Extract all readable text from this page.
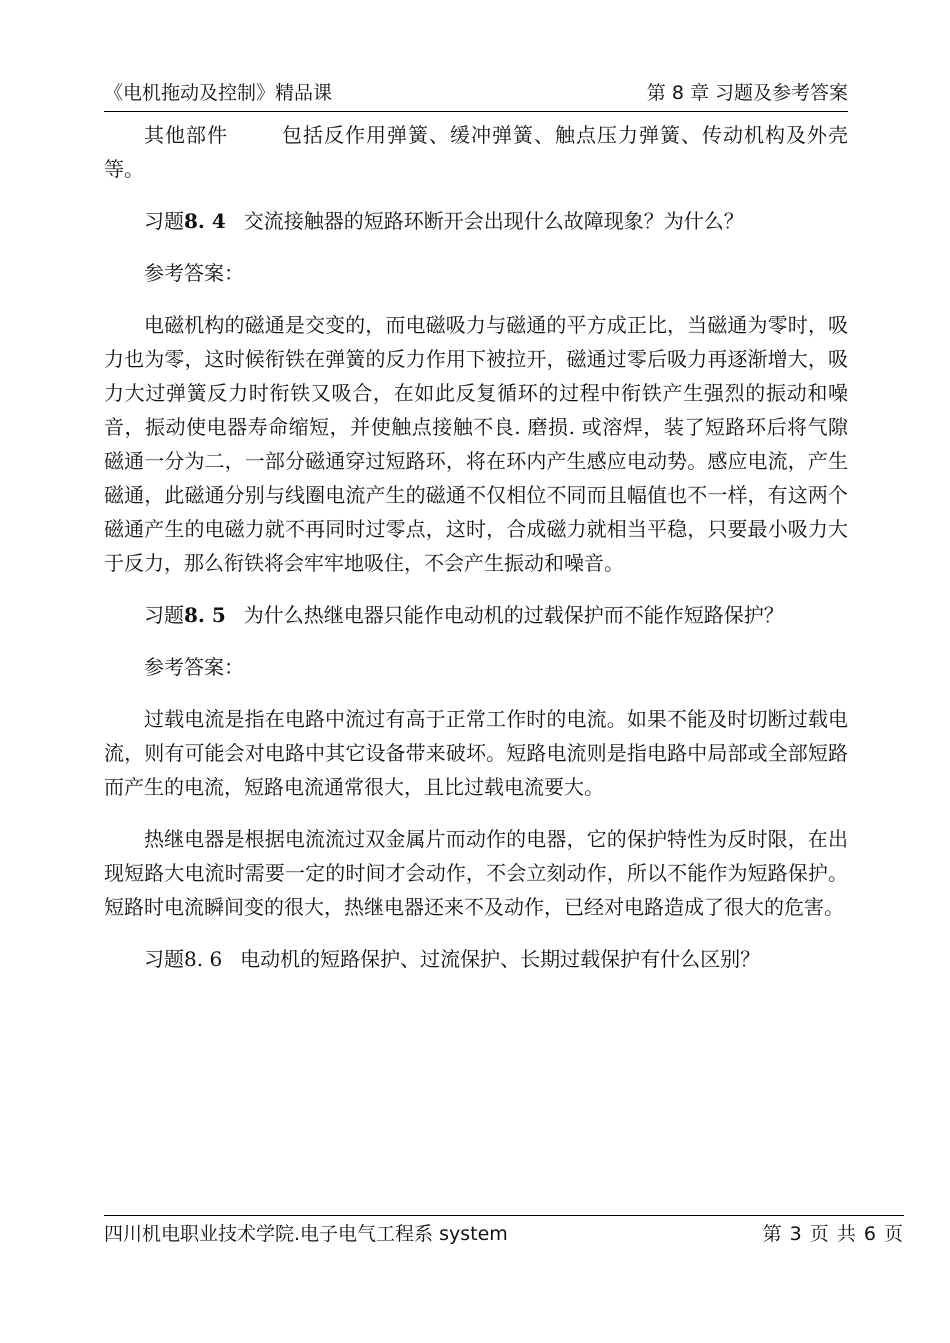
《电机拖动及控制》精品课	第 8 章 习题及参考答案

其他部件	包括反作用弹簧、缓冲弹簧、触点压力弹簧、传动机构及外壳等。

习题8. 4 交流接触器的短路环断开会出现什么故障现象？为什么？

参考答案：

电磁机构的磁通是交变的，而电磁吸力与磁通的平方成正比，当磁通为零时，吸力也为零，这时候衔铁在弹簧的反力作用下被拉开，磁通过零后吸力再逐渐增大，吸力大过弹簧反力时衔铁又吸合，在如此反复循环的过程中衔铁产生强烈的振动和噪音，振动使电器寿命缩短，并使触点接触不良. 磨损. 或溶焊，装了短路环后将气隙磁通一分为二，一部分磁通穿过短路环，将在环内产生感应电动势。感应电流，产生磁通，此磁通分别与线圈电流产生的磁通不仅相位不同而且幅值也不一样，有这两个磁通产生的电磁力就不再同时过零点，这时，合成磁力就相当平稳，只要最小吸力大于反力，那么衔铁将会牢牢地吸住，不会产生振动和噪音。

习题8. 5 为什么热继电器只能作电动机的过载保护而不能作短路保护？

参考答案：

过载电流是指在电路中流过有高于正常工作时的电流。如果不能及时切断过载电流，则有可能会对电路中其它设备带来破坏。短路电流则是指电路中局部或全部短路而产生的电流，短路电流通常很大，且比过载电流要大。

热继电器是根据电流流过双金属片而动作的电器，它的保护特性为反时限，在出现短路大电流时需要一定的时间才会动作，不会立刻动作，所以不能作为短路保护。短路时电流瞬间变的很大，热继电器还来不及动作，已经对电路造成了很大的危害。

习题8. 6 电动机的短路保护、过流保护、长期过载保护有什么区别？

四川机电职业技术学院.电子电气工程系 system	第 3 页 共 6 页
